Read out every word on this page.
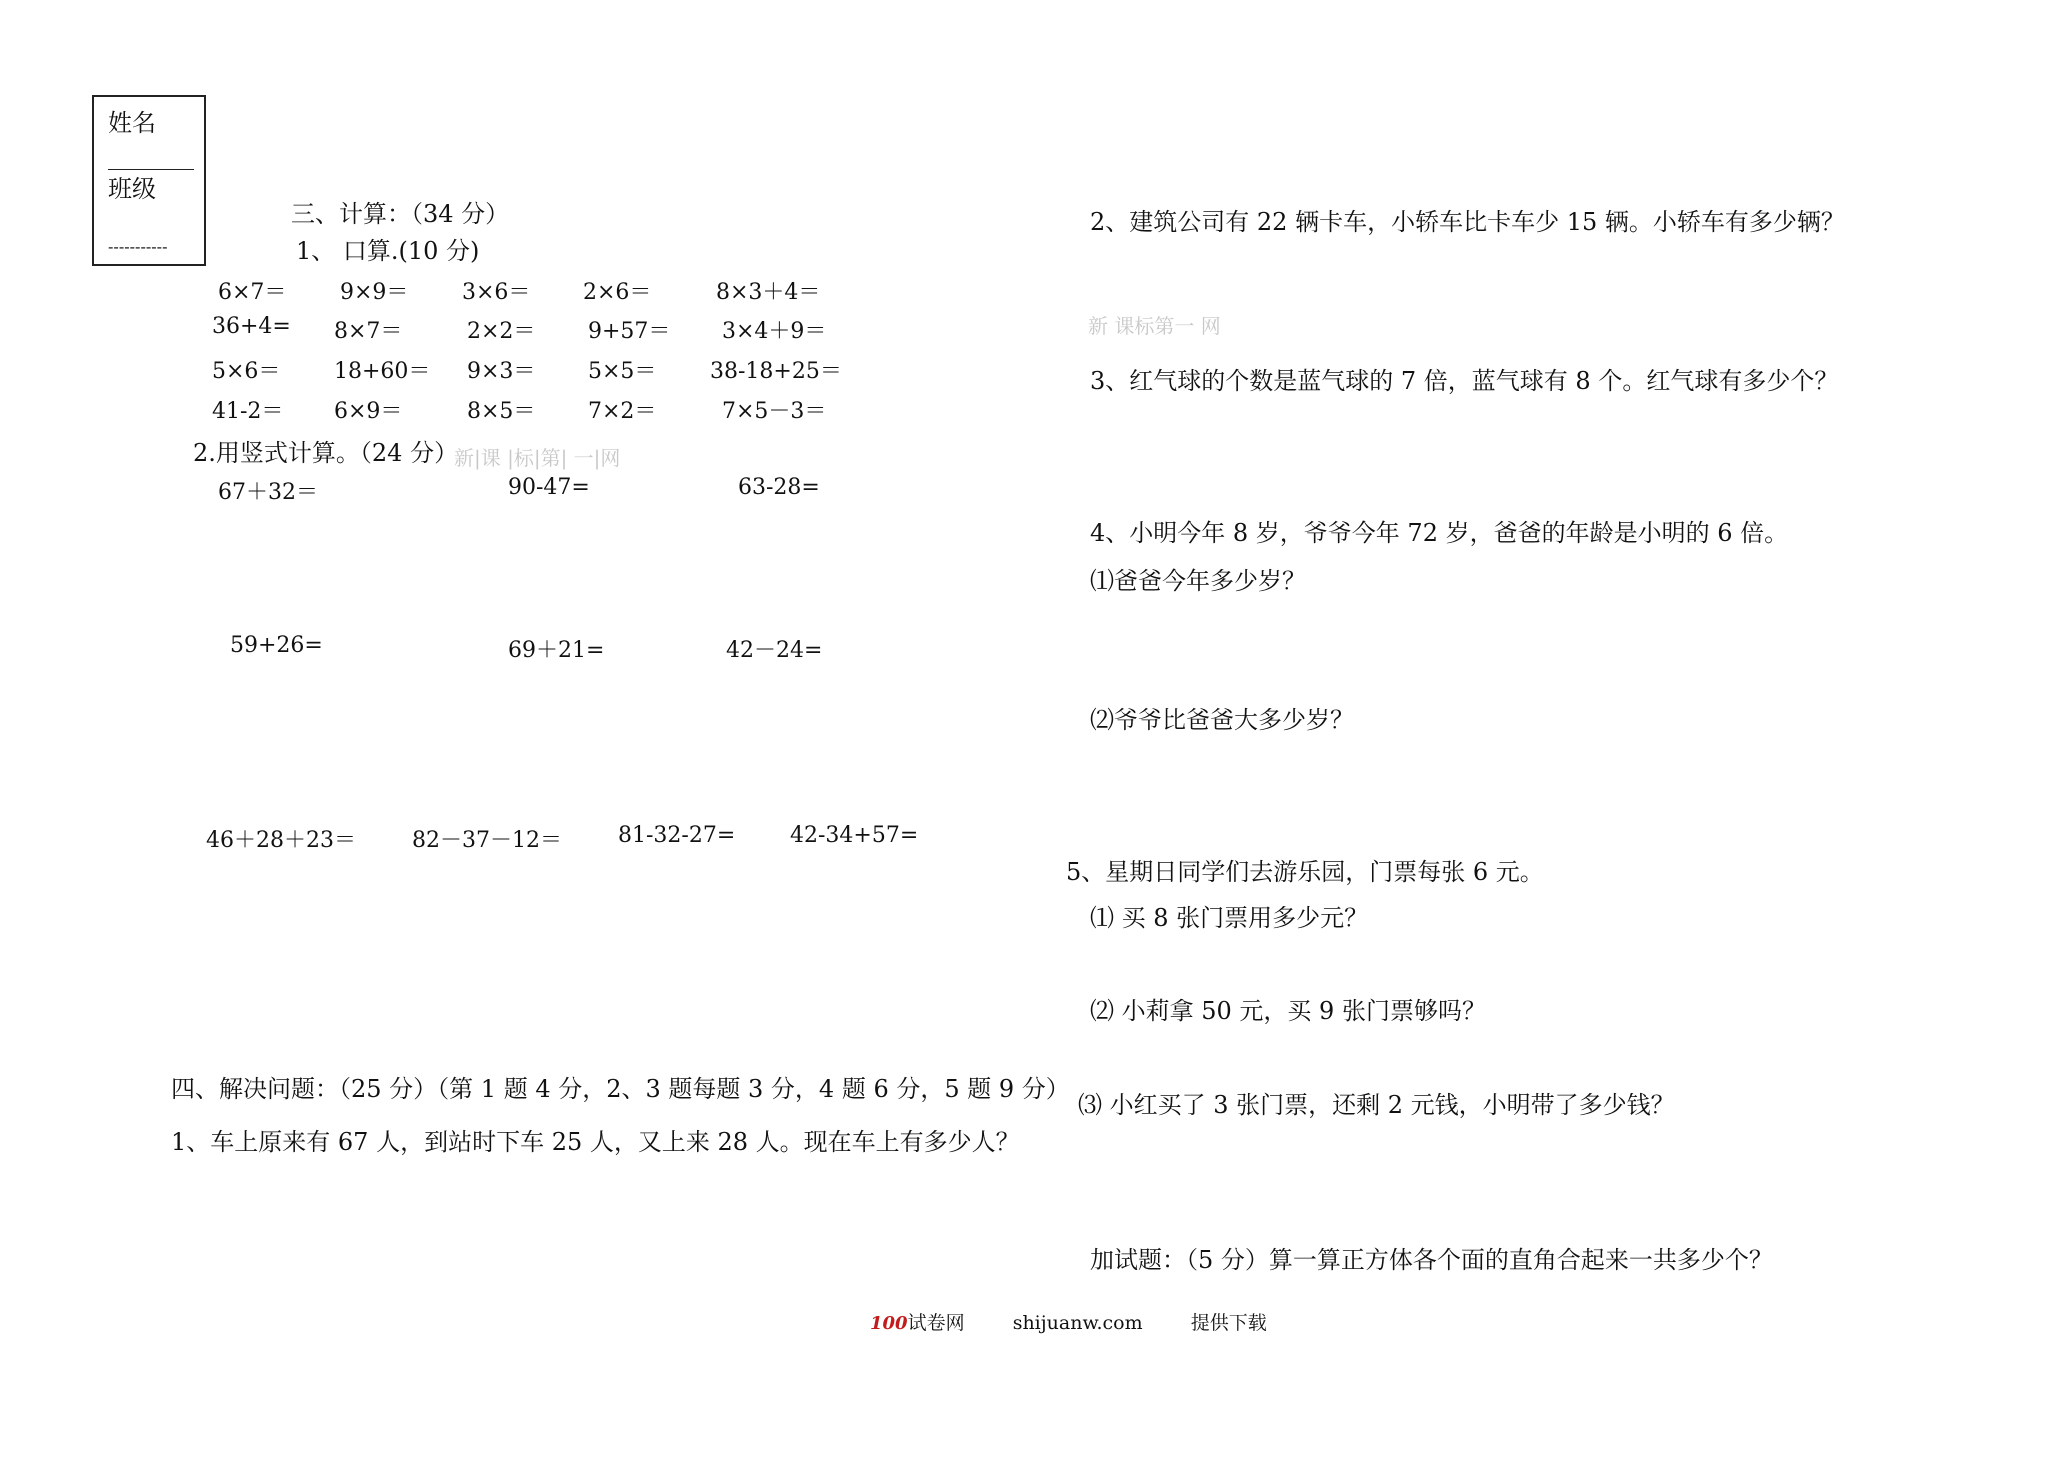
姓名
班级
-----------
三、计算：（34 分）
1、 口算.(10 分)
6×7＝ 9×9＝ 3×6＝ 2×6＝	8×3＋4＝
36+4= 8×7＝	2×2＝ 9+57＝ 3×4＋9＝
5×6＝ 18+60＝ 9×3＝ 5×5＝ 38-18+25＝
41-2＝ 6×9＝	8×5＝ 7×2＝	7×5－3＝
2.用竖式计算。（24 分）
新|课 |标|第| 一|网
67＋32＝	90-47=	63-28=
59+26=	69＋21=	42－24=
46＋28＋23＝	82－37－12＝	81-32-27= 42-34+57=
四、解决问题：（25 分）（第 1 题 4 分，2、3 题每题 3 分，4 题 6 分，5 题 9 分）
1、车上原来有 67 人，到站时下车 25 人，又上来 28 人。现在车上有多少人？
2、建筑公司有 22 辆卡车，小轿车比卡车少 15 辆。小轿车有多少辆？
新 课标第一 网
3、红气球的个数是蓝气球的 7 倍，蓝气球有 8 个。红气球有多少个？
4、小明今年 8 岁，爷爷今年 72 岁，爸爸的年龄是小明的 6 倍。
⑴爸爸今年多少岁？
⑵爷爷比爸爸大多少岁？
5、星期日同学们去游乐园，门票每张 6 元。
⑴ 买 8 张门票用多少元？
⑵ 小莉拿 50 元，买 9 张门票够吗？
⑶ 小红买了 3 张门票，还剩 2 元钱，小明带了多少钱？
加试题：（5 分）算一算正方体各个面的直角合起来一共多少个？
100试卷网	shijuanw.com	提供下载
